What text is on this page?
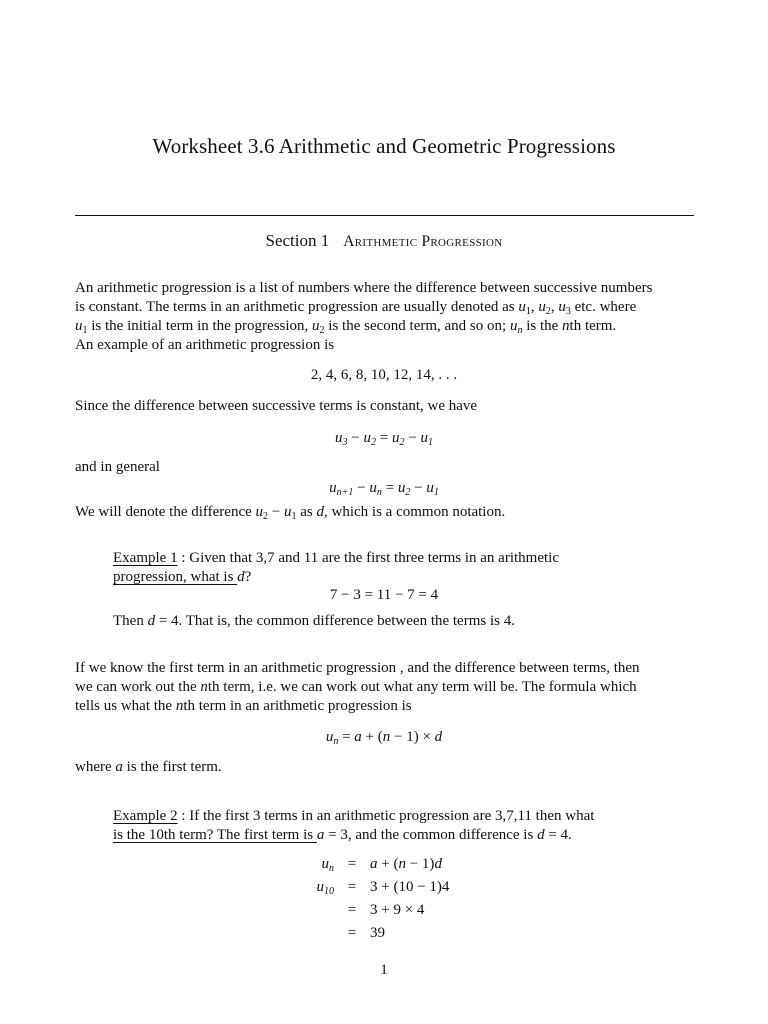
Worksheet 3.6 Arithmetic and Geometric Progressions
Section 1 Arithmetic Progression
An arithmetic progression is a list of numbers where the difference between successive numbers
is constant. The terms in an arithmetic progression are usually denoted as $u_1$, $u_2$, $u_3$ etc. where
$u_1$ is the initial term in the progression, $u_2$ is the second term, and so on; $u_n$ is the nth term.
An example of an arithmetic progression is
2, 4, 6, 8, 10, 12, 14, . . .
Since the difference between successive terms is constant, we have
$u_3 - u_2 = u_2 - u_1$
and in general
$u_{n+1} - u_n = u_2 - u_1$
We will denote the difference $u_2 - u_1$ as d, which is a common notation.
Example 1 : Given that 3,7 and 11 are the first three terms in an arithmetic
progression, what is d?
7 − 3 = 11 − 7 = 4
Then d = 4. That is, the common difference between the terms is 4.
If we know the first term in an arithmetic progression , and the difference between terms, then
we can work out the nth term, i.e. we can work out what any term will be. The formula which
tells us what the nth term in an arithmetic progression is
$u_n = a + (n - 1) \times d$
where a is the first term.
Example 2 : If the first 3 terms in an arithmetic progression are 3,7,11 then what
is the 10th term? The first term is a = 3, and the common difference is d = 4.
$u_n = a + (n - 1)d$
$u_{10} = 3 + (10 - 1)4$
= 3 + 9 × 4
= 39
1
